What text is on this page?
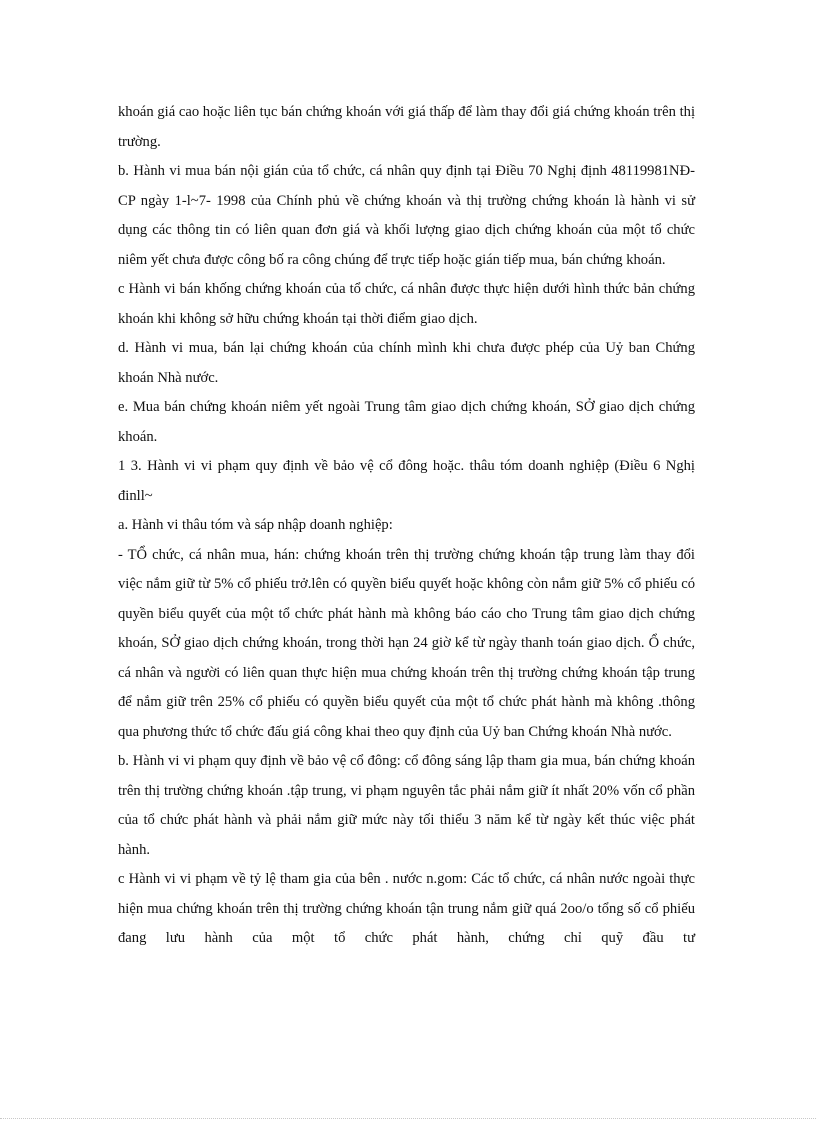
khoán giá cao hoặc liên tục bán chứng khoán với giá thấp để làm thay đổi giá chứng khoán trên thị trường.

b. Hành vi mua bán nội gián của tổ chức, cá nhân quy định tại Điều 70 Nghị định 48119981NĐ-CP ngày 1-l~7- 1998 của Chính phủ về chứng khoán và thị trường chứng khoán là hành vi sử dụng các thông tin có liên quan đơn giá và khối lượng giao dịch chứng khoán của một tổ chức niêm yết chưa được công bố ra công chúng để trực tiếp hoặc gián tiếp mua, bán chứng khoán.

c Hành vi bán khống chứng khoán của tổ chức, cá nhân được thực hiện dưới hình thức bản chứng khoán khi không sở hữu chứng khoán tại thời điểm giao dịch.

d. Hành vi mua, bán lại chứng khoán của chính mình khi chưa được phép của Uỷ ban Chứng khoán Nhà nước.

e. Mua bán chứng khoán niêm yết ngoài Trung tâm giao dịch chứng khoán, SỞ giao dịch chứng khoán.

1 3. Hành vi vi phạm quy định về bảo vệ cổ đông hoặc. thâu tóm doanh nghiệp (Điều 6 Nghị đinll~

a. Hành vi thâu tóm và sáp nhập doanh nghiệp:

- TỔ chức, cá nhân mua, hán: chứng khoán trên thị trường chứng khoán tập trung làm thay đổi việc nắm giữ từ 5% cổ phiếu trở.lên có quyền biểu quyết hoặc không còn nắm giữ 5% cổ phiếu có quyền biểu quyết của một tổ chức phát hành mà không báo cáo cho Trung tâm giao dịch chứng khoán, SỞ giao dịch chứng khoán, trong thời hạn 24 giờ kể từ ngày thanh toán giao dịch. Ổ chức, cá nhân và người có liên quan thực hiện mua chứng khoán trên thị trường chứng khoán tập trung để nắm giữ trên 25% cổ phiếu có quyền biểu quyết của một tổ chức phát hành mà không .thông qua phương thức tổ chức đấu giá công khai theo quy định của Uỷ ban Chứng khoán Nhà nước.

b. Hành vi vi phạm quy định về bảo vệ cổ đông: cổ đông sáng lập tham gia mua, bán chứng khoán trên thị trường chứng khoán .tập trung, vi phạm nguyên tắc phải nắm giữ ít nhất 20% vốn cổ phần của tổ chức phát hành và phải nắm giữ mức này tối thiểu 3 năm kể từ ngày kết thúc việc phát hành.

c Hành vi vi phạm về tỷ lệ tham gia của bên . nước n.gom: Các tổ chức, cá nhân nước ngoài thực hiện mua chứng khoán trên thị trường chứng khoán tận trung nắm giữ quá 2oo/o tổng số cổ phiếu đang lưu hành của một tổ chức phát hành, chứng chỉ quỹ đầu tư
